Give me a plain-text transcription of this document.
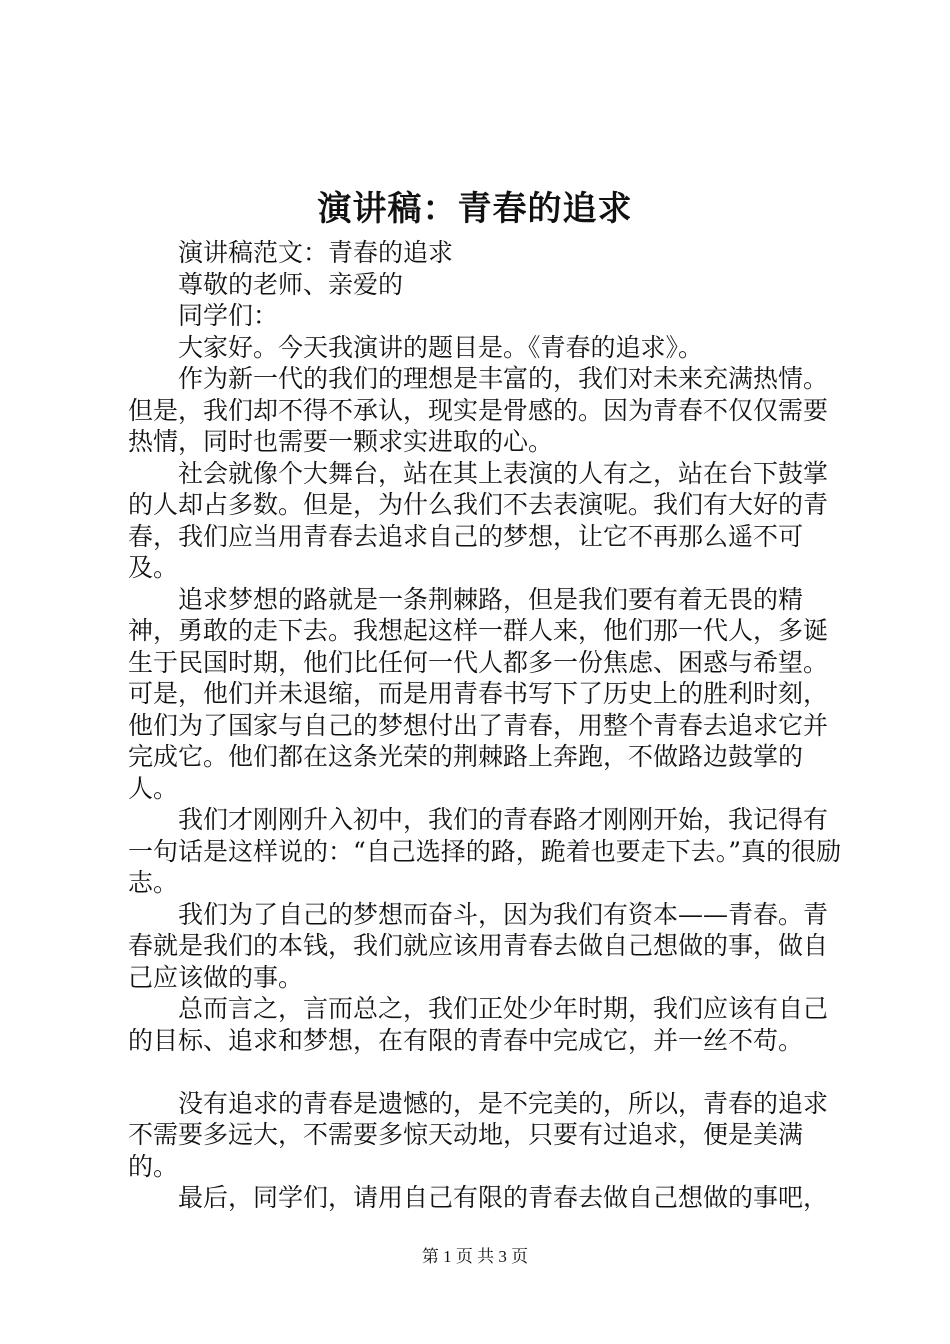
演讲稿：青春的追求

演讲稿范文：青春的追求

尊敬的老师、亲爱的

同学们：

大家好。今天我演讲的题目是。《青春的追求》。

作为新一代的我们的理想是丰富的，我们对未来充满热情。但是，我们却不得不承认，现实是骨感的。因为青春不仅仅需要热情，同时也需要一颗求实进取的心。

社会就像个大舞台，站在其上表演的人有之，站在台下鼓掌的人却占多数。但是，为什么我们不去表演呢。我们有大好的青春，我们应当用青春去追求自己的梦想，让它不再那么遥不可及。

追求梦想的路就是一条荆棘路，但是我们要有着无畏的精神，勇敢的走下去。我想起这样一群人来，他们那一代人，多诞生于民国时期，他们比任何一代人都多一份焦虑、困惑与希望。可是，他们并未退缩，而是用青春书写下了历史上的胜利时刻，他们为了国家与自己的梦想付出了青春，用整个青春去追求它并完成它。他们都在这条光荣的荆棘路上奔跑，不做路边鼓掌的人。

我们才刚刚升入初中，我们的青春路才刚刚开始，我记得有一句话是这样说的：“自己选择的路，跪着也要走下去。”真的很励志。

我们为了自己的梦想而奋斗，因为我们有资本——青春。青春就是我们的本钱，我们就应该用青春去做自己想做的事，做自己应该做的事。

总而言之，言而总之，我们正处少年时期，我们应该有自己的目标、追求和梦想，在有限的青春中完成它，并一丝不苟。

没有追求的青春是遗憾的，是不完美的，所以，青春的追求不需要多远大，不需要多惊天动地，只要有过追求，便是美满的。

最后，同学们，请用自己有限的青春去做自己想做的事吧，

第 1 页 共 3 页
